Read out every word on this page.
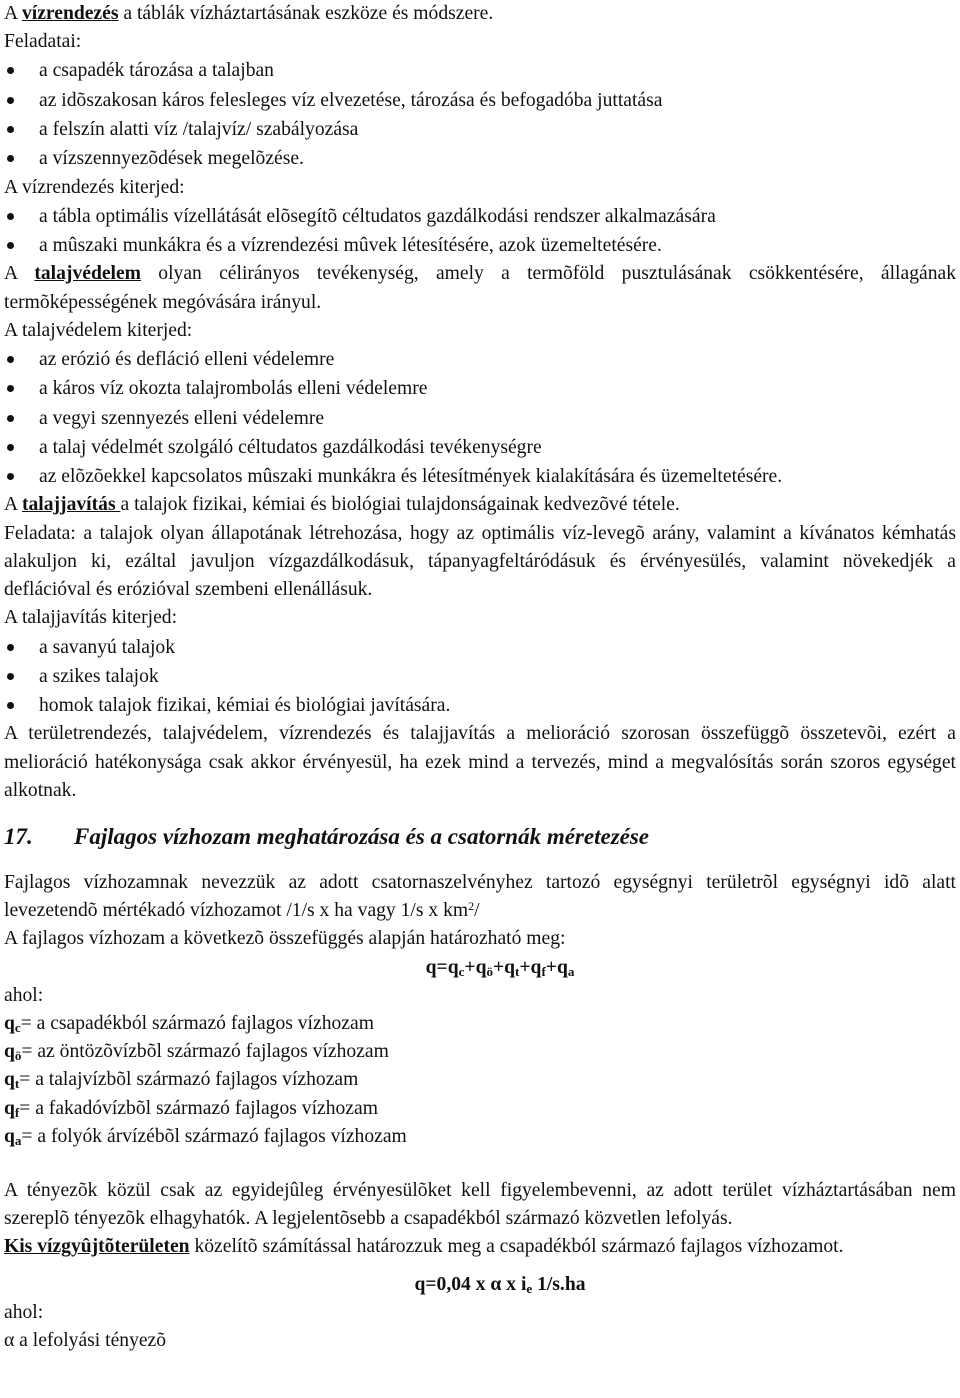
A vízrendezés a táblák vízháztartásának eszköze és módszere.

Feladatai:

a csapadék tározása a talajban
az idõszakosan káros felesleges víz elvezetése, tározása és befogadóba juttatása
a felszín alatti víz /talajvíz/ szabályozása
a vízszennyezõdések megelõzése.

A vízrendezés kiterjed:

a tábla optimális vízellátását elõsegítõ céltudatos gazdálkodási rendszer alkalmazására
a mûszaki munkákra és a vízrendezési mûvek létesítésére, azok üzemeltetésére.

A talajvédelem olyan célirányos tevékenység, amely a termõföld pusztulásának csökkentésére, állagának termõképességének megóvására irányul.

A talajvédelem kiterjed:

az erózió és defláció elleni védelemre
a káros víz okozta talajrombolás elleni védelemre
a vegyi szennyezés elleni védelemre
a talaj védelmét szolgáló céltudatos gazdálkodási tevékenységre
az elõzõekkel kapcsolatos mûszaki munkákra és létesítmények kialakítására és üzemeltetésére.

A talajjavítás a talajok fizikai, kémiai és biológiai tulajdonságainak kedvezõvé tétele.

Feladata: a talajok olyan állapotának létrehozása, hogy az optimális víz-levegõ arány, valamint a kívánatos kémhatás alakuljon ki, ezáltal javuljon vízgazdálkodásuk, tápanyagfeltáródásuk és érvényesülés, valamint növekedjék a deflációval és erózióval szembeni ellenállásuk.

A talajjavítás kiterjed:

a savanyú talajok
a szikes talajok
homok talajok fizikai, kémiai és biológiai javítására.

A területrendezés, talajvédelem, vízrendezés és talajjavítás a melioráció szorosan összefüggõ összetevõi, ezért a melioráció hatékonysága csak akkor érvényesül, ha ezek mind a tervezés, mind a megvalósítás során szoros egységet alkotnak.

17.	Fajlagos vízhozam meghatározása és a csatornák méretezése

Fajlagos vízhozamnak nevezzük az adott csatornaszelvényhez tartozó egységnyi területrõl egységnyi idõ alatt levezetendõ mértékadó vízhozamot /1/s x ha vagy 1/s x $km^2/$

A fajlagos vízhozam a következõ összefüggés alapján határozható meg:

$q=q_c+q_ö+q_t+q_f+q_a$

ahol:

$q_c= a$ csapadékból származó fajlagos vízhozam

$q_ö=$ az öntözõvízbõl származó fajlagos vízhozam

$q_t= a$ talajvízbõl származó fajlagos vízhozam

$q_f= a$ fakadóvízbõl származó fajlagos vízhozam

$q_a= a$ folyók árvízébõl származó fajlagos vízhozam

A tényezõk közül csak az egyidejûleg érvényesülõket kell figyelembevenni, az adott terület vízháztartásában nem szereplõ tényezõk elhagyhatók. A legjelentõsebb a csapadékból származó közvetlen lefolyás.

Kis vízgyûjtõterületen közelítõ számítással határozzuk meg a csapadékból származó fajlagos vízhozamot.

q=0,04 x α x $i_e$ 1/s.ha

ahol:

α a lefolyási tényezõ
